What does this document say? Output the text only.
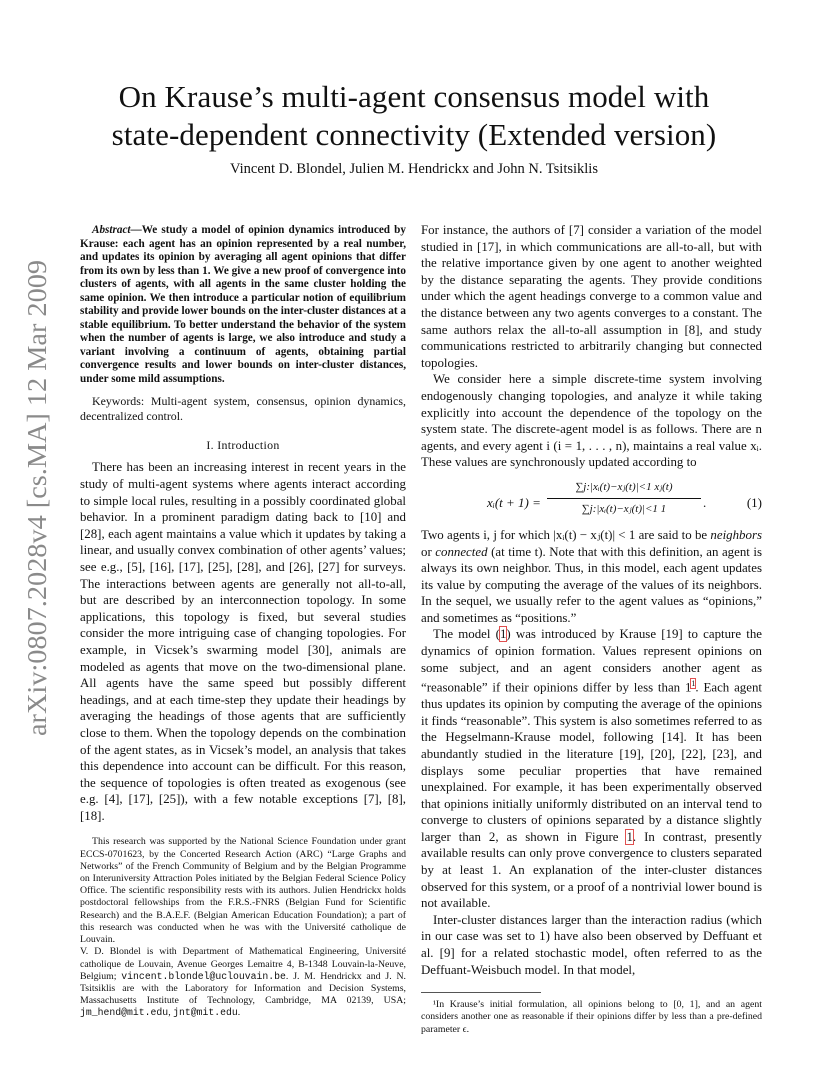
On Krause’s multi-agent consensus model with
state-dependent connectivity (Extended version)
Vincent D. Blondel, Julien M. Hendrickx and John N. Tsitsiklis
arXiv:0807.2028v4 [cs.MA] 12 Mar 2009

Abstract—We study a model of opinion dynamics introduced by Krause: each agent has an opinion represented by a real number, and updates its opinion by averaging all agent opinions that differ from its own by less than 1. We give a new proof of convergence into clusters of agents, with all agents in the same cluster holding the same opinion. We then introduce a particular notion of equilibrium stability and provide lower bounds on the inter-cluster distances at a stable equilibrium. To better understand the behavior of the system when the number of agents is large, we also introduce and study a variant involving a continuum of agents, obtaining partial convergence results and lower bounds on inter-cluster distances, under some mild assumptions.

Keywords: Multi-agent system, consensus, opinion dynamics, decentralized control.

I. Introduction

There has been an increasing interest in recent years in the study of multi-agent systems where agents interact according to simple local rules, resulting in a possibly coordinated global behavior. In a prominent paradigm dating back to [10] and [28], each agent maintains a value which it updates by taking a linear, and usually convex combination of other agents’ values; see e.g., [5], [16], [17], [25], [28], and [26], [27] for surveys. The interactions between agents are generally not all-to-all, but are described by an interconnection topology. In some applications, this topology is fixed, but several studies consider the more intriguing case of changing topologies. For example, in Vicsek’s swarming model [30], animals are modeled as agents that move on the two-dimensional plane. All agents have the same speed but possibly different headings, and at each time-step they update their headings by averaging the headings of those agents that are sufficiently close to them. When the topology depends on the combination of the agent states, as in Vicsek’s model, an analysis that takes this dependence into account can be difficult. For this reason, the sequence of topologies is often treated as exogenous (see e.g. [4], [17], [25]), with a few notable exceptions [7], [8], [18].

This research was supported by the National Science Foundation under grant ECCS-0701623, by the Concerted Research Action (ARC) “Large Graphs and Networks” of the French Community of Belgium and by the Belgian Programme on Interuniversity Attraction Poles initiated by the Belgian Federal Science Policy Office. The scientific responsibility rests with its authors. Julien Hendrickx holds postdoctoral fellowships from the F.R.S.-FNRS (Belgian Fund for Scientific Research) and the B.A.E.F. (Belgian American Education Foundation); a part of this research was conducted when he was with the Université catholique de Louvain.

V. D. Blondel is with Department of Mathematical Engineering, Université catholique de Louvain, Avenue Georges Lemaitre 4, B-1348 Louvain-la-Neuve, Belgium; vincent.blondel@uclouvain.be. J. M. Hendrickx and J. N. Tsitsiklis are with the Laboratory for Information and Decision Systems, Massachusetts Institute of Technology, Cambridge, MA 02139, USA; jm_hend@mit.edu, jnt@mit.edu.

For instance, the authors of [7] consider a variation of the model studied in [17], in which communications are all-to-all, but with the relative importance given by one agent to another weighted by the distance separating the agents. They provide conditions under which the agent headings converge to a common value and the distance between any two agents converges to a constant. The same authors relax the all-to-all assumption in [8], and study communications restricted to arbitrarily changing but connected topologies.

We consider here a simple discrete-time system involving endogenously changing topologies, and analyze it while taking explicitly into account the dependence of the topology on the system state. The discrete-agent model is as follows. There are n agents, and every agent i (i = 1, . . . , n), maintains a real value xᵢ. These values are synchronously updated according to

xᵢ(t + 1) =
∑j:|xᵢ(t)−xⱼ(t)|<1 xⱼ(t)
∑j:|xᵢ(t)−xⱼ(t)|<1 1	.	(1)

Two agents i, j for which |xᵢ(t) − xⱼ(t)| < 1 are said to be neighbors or connected (at time t). Note that with this definition, an agent is always its own neighbor. Thus, in this model, each agent updates its value by computing the average of the values of its neighbors. In the sequel, we usually refer to the agent values as “opinions,” and sometimes as “positions.”

The model (1) was introduced by Krause [19] to capture the dynamics of opinion formation. Values represent opinions on some subject, and an agent considers another agent as “reasonable” if their opinions differ by less than 1$^1$. Each agent thus updates its opinion by computing the average of the opinions it finds “reasonable”. This system is also sometimes referred to as the Hegselmann-Krause model, following [14]. It has been abundantly studied in the literature [19], [20], [22], [23], and displays some peculiar properties that have remained unexplained. For example, it has been experimentally observed that opinions initially uniformly distributed on an interval tend to converge to clusters of opinions separated by a distance slightly larger than 2, as shown in Figure 1. In contrast, presently available results can only prove convergence to clusters separated by at least 1. An explanation of the inter-cluster distances observed for this system, or a proof of a nontrivial lower bound is not available.

Inter-cluster distances larger than the interaction radius (which in our case was set to 1) have also been observed by Deffuant et al. [9] for a related stochastic model, often referred to as the Deffuant-Weisbuch model. In that model,

¹In Krause’s initial formulation, all opinions belong to [0, 1], and an agent considers another one as reasonable if their opinions differ by less than a pre-defined parameter ϵ.
